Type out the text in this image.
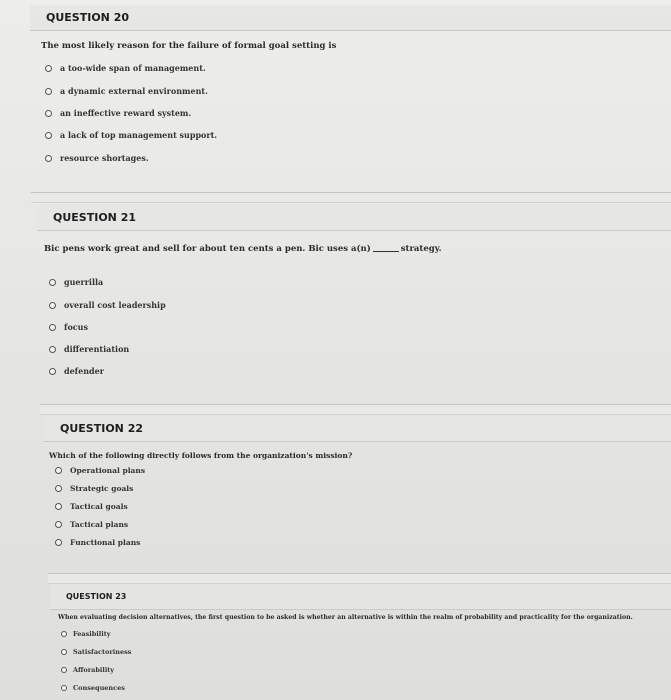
QUESTION 20
The most likely reason for the failure of formal goal setting is
a too-wide span of management.
a dynamic external environment.
an ineffective reward system.
a lack of top management support.
resource shortages.
QUESTION 21
Bic pens work great and sell for about ten cents a pen. Bic uses a(n)	strategy.
guerrilla
overall cost leadership
focus
differentiation
defender
QUESTION 22
Which of the following directly follows from the organization's mission?
Operational plans
Strategic goals
Tactical goals
Tactical plans
Functional plans
QUESTION 23
When evaluating decision alternatives, the first question to be asked is whether an alternative is within the realm of probability and practicality for the organization.
Feasibility
Satisfactoriness
Afforability
Consequences
